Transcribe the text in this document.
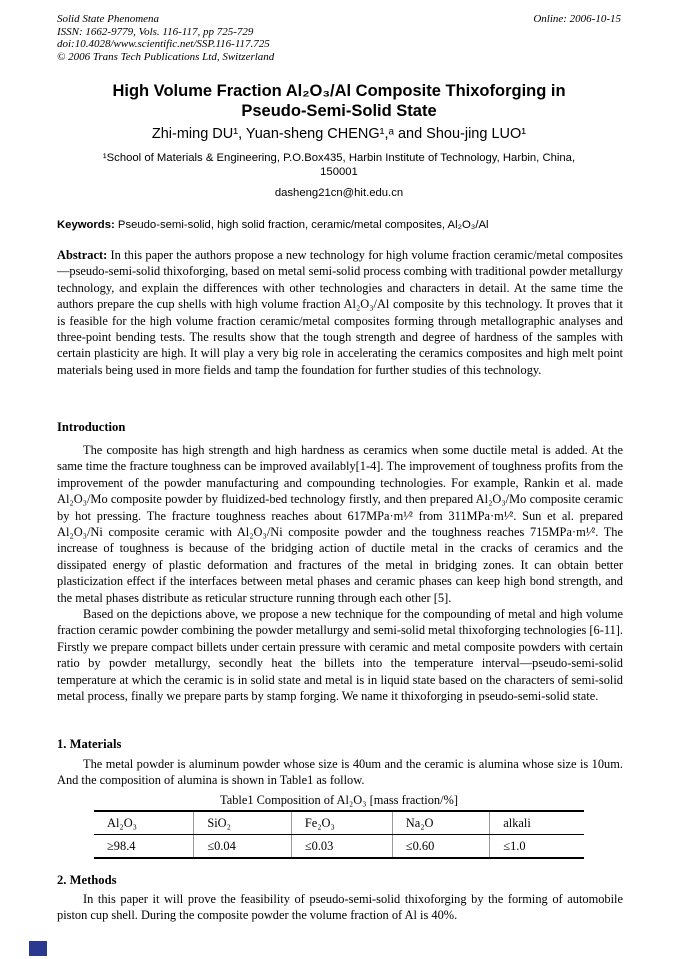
Solid State Phenomena
ISSN: 1662-9779, Vols. 116-117, pp 725-729
doi:10.4028/www.scientific.net/SSP.116-117.725
© 2006 Trans Tech Publications Ltd, Switzerland
Online: 2006-10-15
High Volume Fraction Al₂O₃/Al Composite Thixoforging in
Pseudo-Semi-Solid State
Zhi-ming DU¹, Yuan-sheng CHENG¹,ᵃ and Shou-jing LUO¹
¹School of Materials & Engineering, P.O.Box435, Harbin Institute of Technology, Harbin, China,
150001
dasheng21cn@hit.edu.cn
Keywords: Pseudo-semi-solid, high solid fraction, ceramic/metal composites, Al₂O₃/Al
Abstract: In this paper the authors propose a new technology for high volume fraction ceramic/metal composites—pseudo-semi-solid thixoforging, based on metal semi-solid process combing with traditional powder metallurgy technology, and explain the differences with other technologies and characters in detail. At the same time the authors prepare the cup shells with high volume fraction Al₂O₃/Al composite by this technology. It proves that it is feasible for the high volume fraction ceramic/metal composites forming through metallographic analyses and three-point bending tests. The results show that the tough strength and degree of hardness of the samples with certain plasticity are high. It will play a very big role in accelerating the ceramics composites and high melt point materials being used in more fields and tamp the foundation for further studies of this technology.
Introduction

The composite has high strength and high hardness as ceramics when some ductile metal is added. At the same time the fracture toughness can be improved availably[1-4]. The improvement of toughness profits from the improvement of the powder manufacturing and compounding technologies. For example, Rankin et al. made Al₂O₃/Mo composite powder by fluidized-bed technology firstly, and then prepared Al₂O₃/Mo composite ceramic by hot pressing. The fracture toughness reaches about 617MPa·m¹⁄² from 311MPa·m¹⁄². Sun et al. prepared Al₂O₃/Ni composite ceramic with Al₂O₃/Ni composite powder and the toughness reaches 715MPa·m¹⁄². The increase of toughness is because of the bridging action of ductile metal in the cracks of ceramics and the dissipated energy of plastic deformation and fractures of the metal in bridging zones. It can obtain better plasticization effect if the interfaces between metal phases and ceramic phases can keep high bond strength, and the metal phases distribute as reticular structure running through each other [5].

Based on the depictions above, we propose a new technique for the compounding of metal and high volume fraction ceramic powder combining the powder metallurgy and semi-solid metal thixoforging technologies [6-11]. Firstly we prepare compact billets under certain pressure with ceramic and metal composite powders with certain ratio by powder metallurgy, secondly heat the billets into the temperature interval—pseudo-semi-solid temperature at which the ceramic is in solid state and metal is in liquid state based on the characters of semi-solid metal process, finally we prepare parts by stamp forging. We name it thixoforging in pseudo-semi-solid state.

1. Materials
The metal powder is aluminum powder whose size is 40um and the ceramic is alumina whose size is 10um. And the composition of alumina is shown in Table1 as follow.
Table1 Composition of Al₂O₃ [mass fraction/%]
Al₂O₃	SiO₂	Fe₂O₃	Na₂O	alkali
≥98.4	≤0.04	≤0.03	≤0.60	≤1.0
2. Methods
In this paper it will prove the feasibility of pseudo-semi-solid thixoforging by the forming of automobile piston cup shell. During the composite powder the volume fraction of Al is 40%.
